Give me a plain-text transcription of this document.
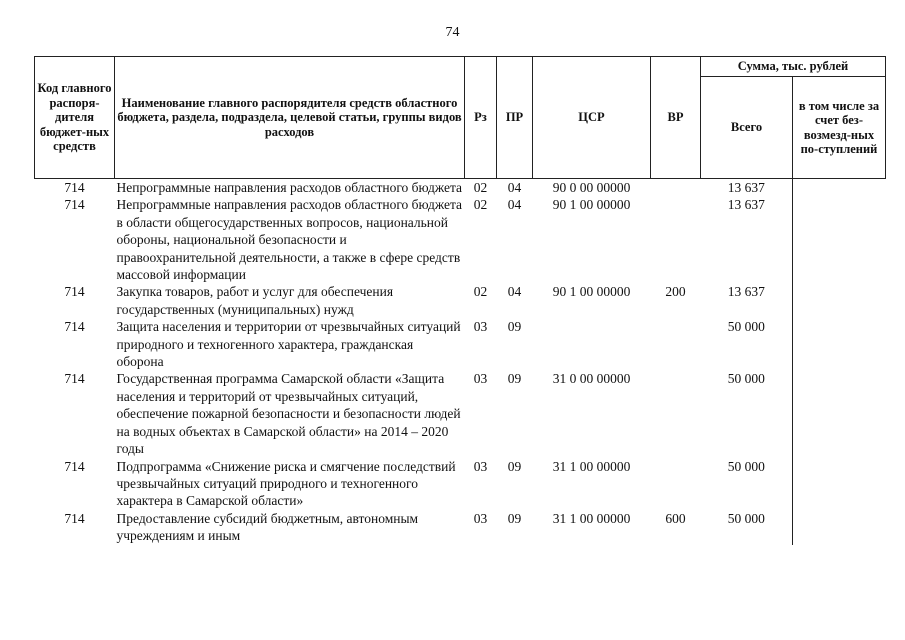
74
Код главного распоря-дителя бюджет-ных средств	Наименование главного распорядителя средств областного бюджета, раздела, подраздела, целевой статьи, группы видов расходов	Рз	ПР	ЦСР	ВР	Сумма, тыс. рублей	
						Всего	в том числе за счет без-возмезд-ных по-ступлений
714	Непрограммные направления расходов областного бюджета	02	04	90 0 00 00000		13 637	
714	Непрограммные направления расходов областного бюджета в области общегосударственных вопросов, национальной обороны, национальной безопасности и правоохранительной деятельности, а также в сфере средств массовой информации	02	04	90 1 00 00000		13 637	
714	Закупка товаров, работ и услуг для обеспечения государственных (муниципальных) нужд	02	04	90 1 00 00000	200	13 637	
714	Защита населения и территории от чрезвычайных ситуаций природного и техногенного характера, гражданская оборона	03	09			50 000	
714	Государственная программа Самарской области «Защита населения и территорий от чрезвычайных ситуаций, обеспечение пожарной безопасности и безопасности людей на водных объектах в Самарской области» на 2014 – 2020 годы	03	09	31 0 00 00000		50 000	
714	Подпрограмма «Снижение риска и смягчение последствий чрезвычайных ситуаций природного и техногенного характера в Самарской области»	03	09	31 1 00 00000		50 000	
714	Предоставление субсидий бюджетным, автономным учреждениям и иным	03	09	31 1 00 00000	600	50 000	
